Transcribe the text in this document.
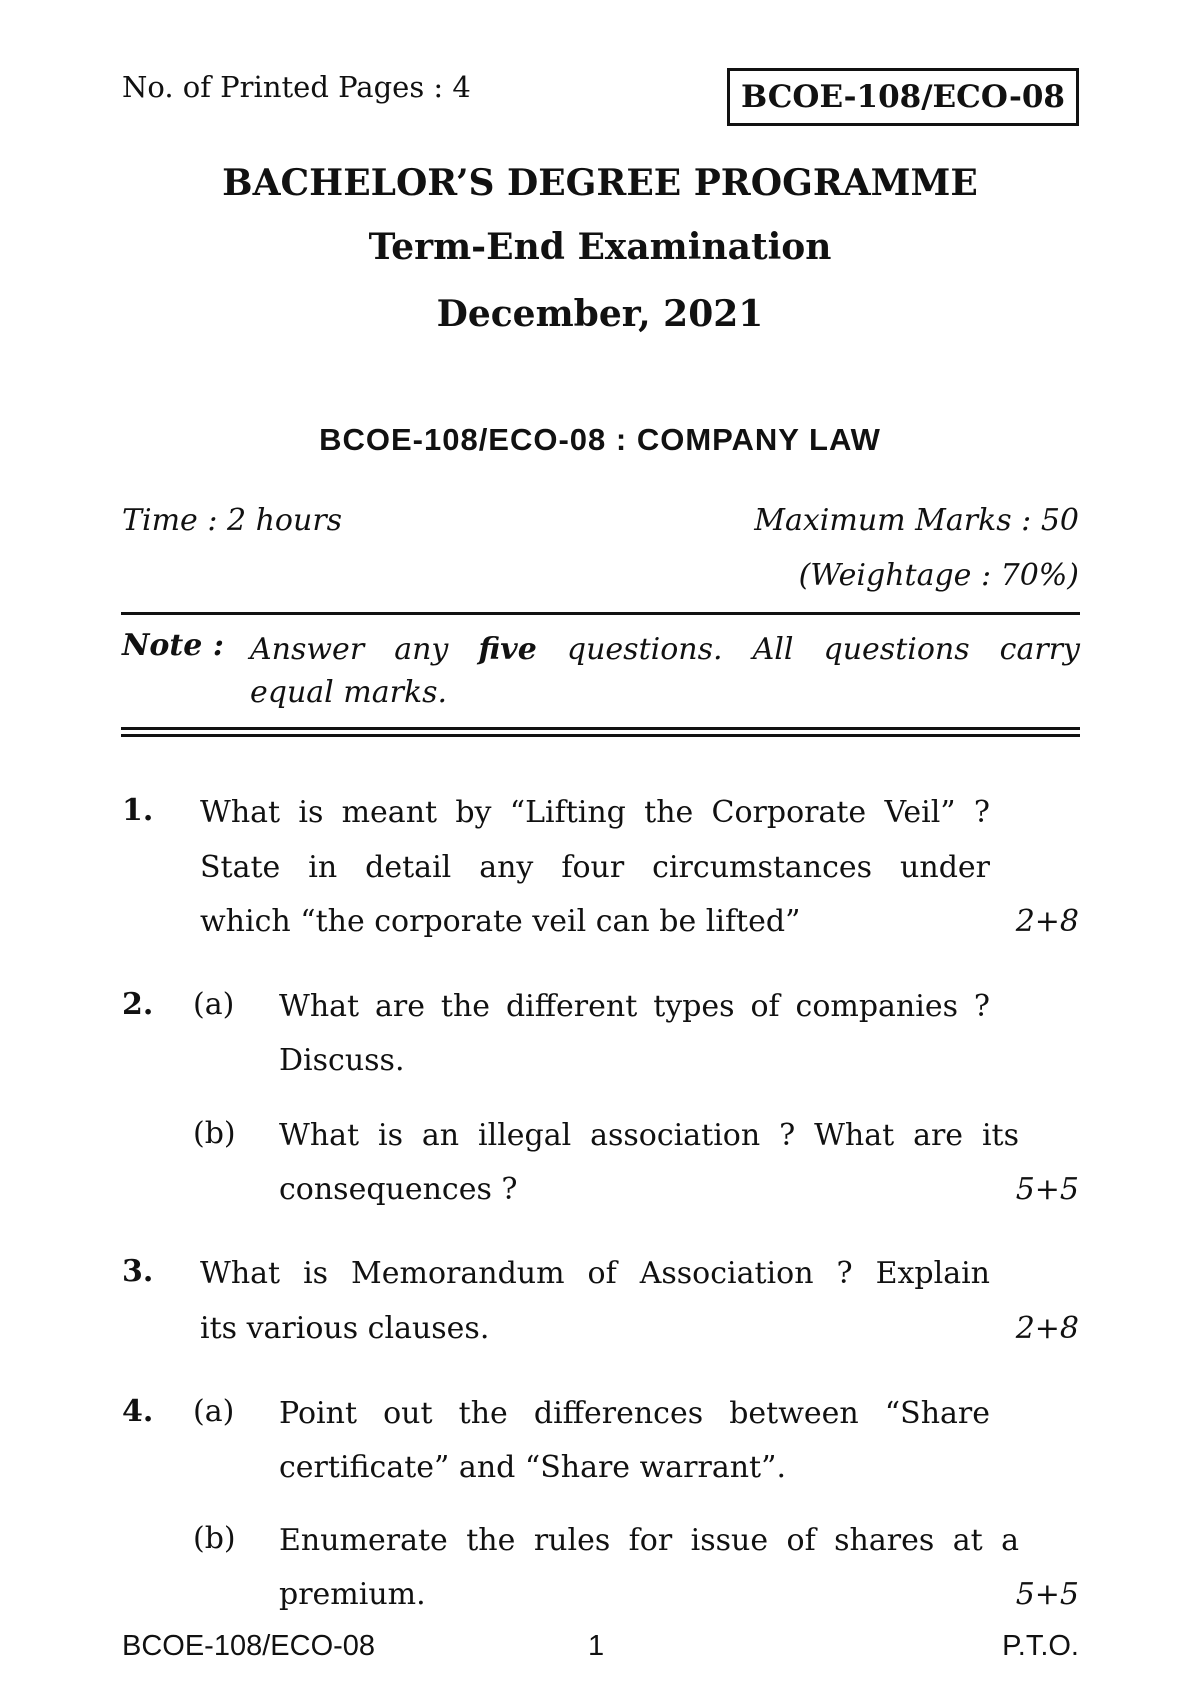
No. of Printed Pages : 4	BCOE-108/ECO-08
BACHELOR’S DEGREE PROGRAMME
Term-End Examination
December, 2021
BCOE-108/ECO-08 : COMPANY LAW
Time : 2 hours	Maximum Marks : 50
(Weightage : 70%)
Note : Answer any five questions. All questions carry
equal marks.
1. What is meant by “Lifting the Corporate Veil” ?
State in detail any four circumstances under
which “the corporate veil can be lifted”	2+8
2. (a) What are the different types of companies ?
Discuss.
(b) What is an illegal association ? What are its
consequences ?	5+5
3. What is Memorandum of Association ? Explain
its various clauses.	2+8
4. (a) Point out the differences between “Share
certificate” and “Share warrant”.
(b) Enumerate the rules for issue of shares at a
premium.	5+5
BCOE-108/ECO-08	1	P.T.O.
